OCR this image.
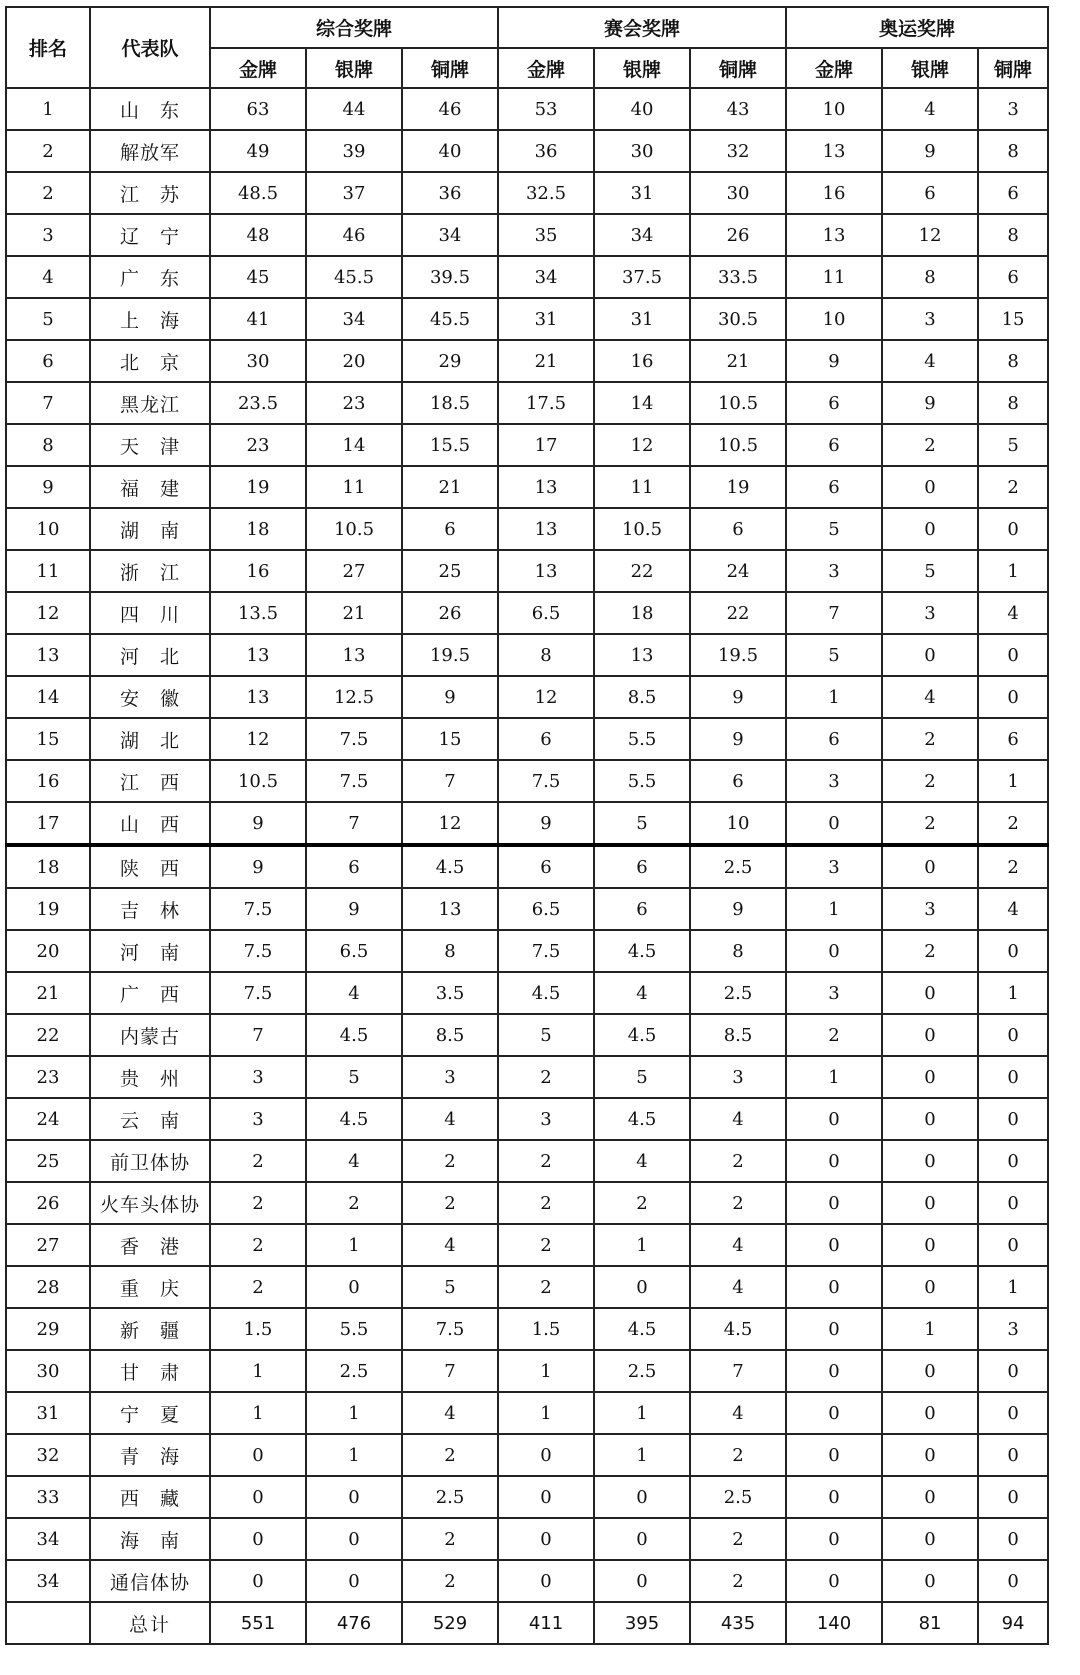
排名	代表队	综合奖牌			赛会奖牌			奥运奖牌		
		金牌	银牌	铜牌	金牌	银牌	铜牌	金牌	银牌	铜牌
1	山　东	63	44	46	53	40	43	10	4	3
2	解放军	49	39	40	36	30	32	13	9	8
2	江　苏	48.5	37	36	32.5	31	30	16	6	6
3	辽　宁	48	46	34	35	34	26	13	12	8
4	广　东	45	45.5	39.5	34	37.5	33.5	11	8	6
5	上　海	41	34	45.5	31	31	30.5	10	3	15
6	北　京	30	20	29	21	16	21	9	4	8
7	黑龙江	23.5	23	18.5	17.5	14	10.5	6	9	8
8	天　津	23	14	15.5	17	12	10.5	6	2	5
9	福　建	19	11	21	13	11	19	6	0	2
10	湖　南	18	10.5	6	13	10.5	6	5	0	0
11	浙　江	16	27	25	13	22	24	3	5	1
12	四　川	13.5	21	26	6.5	18	22	7	3	4
13	河　北	13	13	19.5	8	13	19.5	5	0	0
14	安　徽	13	12.5	9	12	8.5	9	1	4	0
15	湖　北	12	7.5	15	6	5.5	9	6	2	6
16	江　西	10.5	7.5	7	7.5	5.5	6	3	2	1
17	山　西	9	7	12	9	5	10	0	2	2
18	陕　西	9	6	4.5	6	6	2.5	3	0	2
19	吉　林	7.5	9	13	6.5	6	9	1	3	4
20	河　南	7.5	6.5	8	7.5	4.5	8	0	2	0
21	广　西	7.5	4	3.5	4.5	4	2.5	3	0	1
22	内蒙古	7	4.5	8.5	5	4.5	8.5	2	0	0
23	贵　州	3	5	3	2	5	3	1	0	0
24	云　南	3	4.5	4	3	4.5	4	0	0	0
25	前卫体协	2	4	2	2	4	2	0	0	0
26	火车头体协	2	2	2	2	2	2	0	0	0
27	香　港	2	1	4	2	1	4	0	0	0
28	重　庆	2	0	5	2	0	4	0	0	1
29	新　疆	1.5	5.5	7.5	1.5	4.5	4.5	0	1	3
30	甘　肃	1	2.5	7	1	2.5	7	0	0	0
31	宁　夏	1	1	4	1	1	4	0	0	0
32	青　海	0	1	2	0	1	2	0	0	0
33	西　藏	0	0	2.5	0	0	2.5	0	0	0
34	海　南	0	0	2	0	0	2	0	0	0
34	通信体协	0	0	2	0	0	2	0	0	0
	总计	551	476	529	411	395	435	140	81	94
